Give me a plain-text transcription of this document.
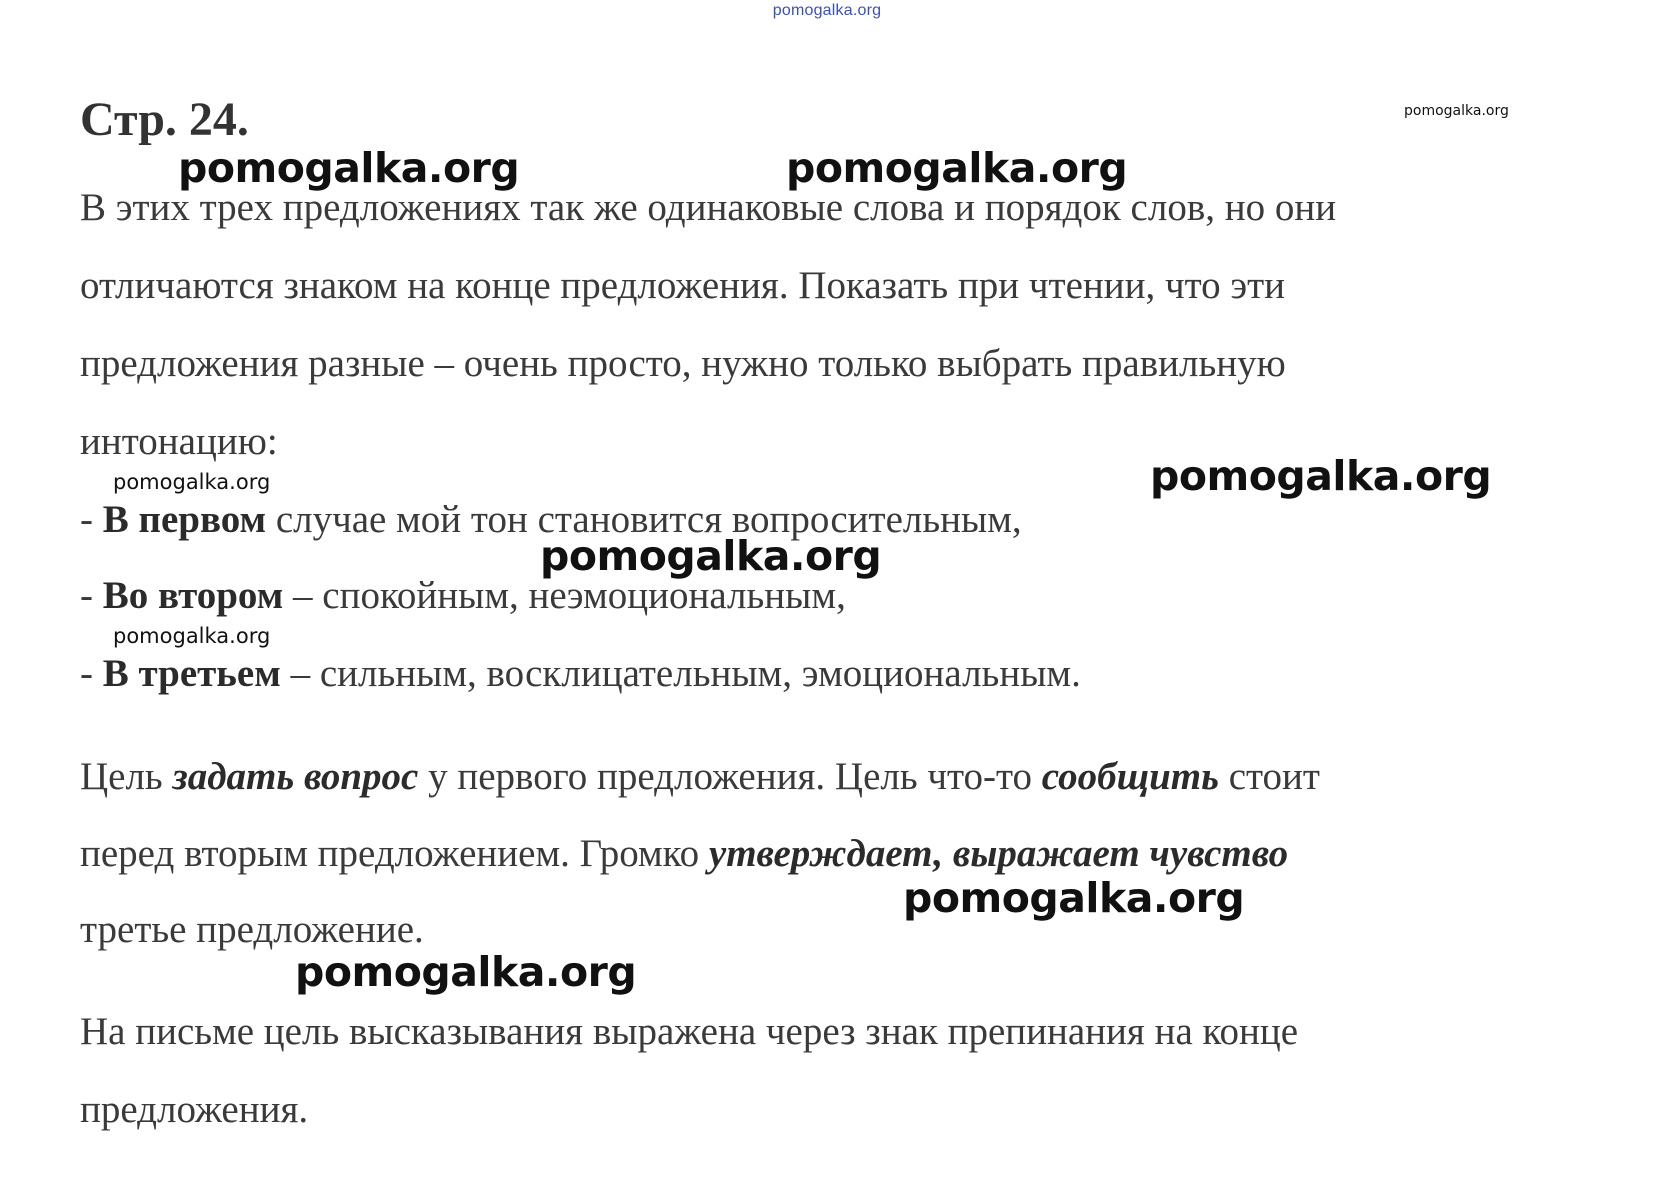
pomogalka.org
Стр. 24.	pomogalka.org
В этих трех предложениях так же одинаковые слова и порядок слов, но они
отличаются знаком на конце предложения. Показать при чтении, что эти
предложения разные – очень просто, нужно только выбрать правильную
интонацию:
- В первом случае мой тон становится вопросительным,
- Во втором – спокойным, неэмоциональным,
- В третьем – сильным, восклицательным, эмоциональным.
Цель задать вопрос у первого предложения. Цель что-то сообщить стоит
перед вторым предложением. Громко утверждает, выражает чувство
третье предложение.
На письме цель высказывания выражена через знак препинания на конце
предложения.
pomogalka.org	pomogalka.org
pomogalka.org
pomogalka.org
pomogalka.org
pomogalka.org
pomogalka.org
pomogalka.org
